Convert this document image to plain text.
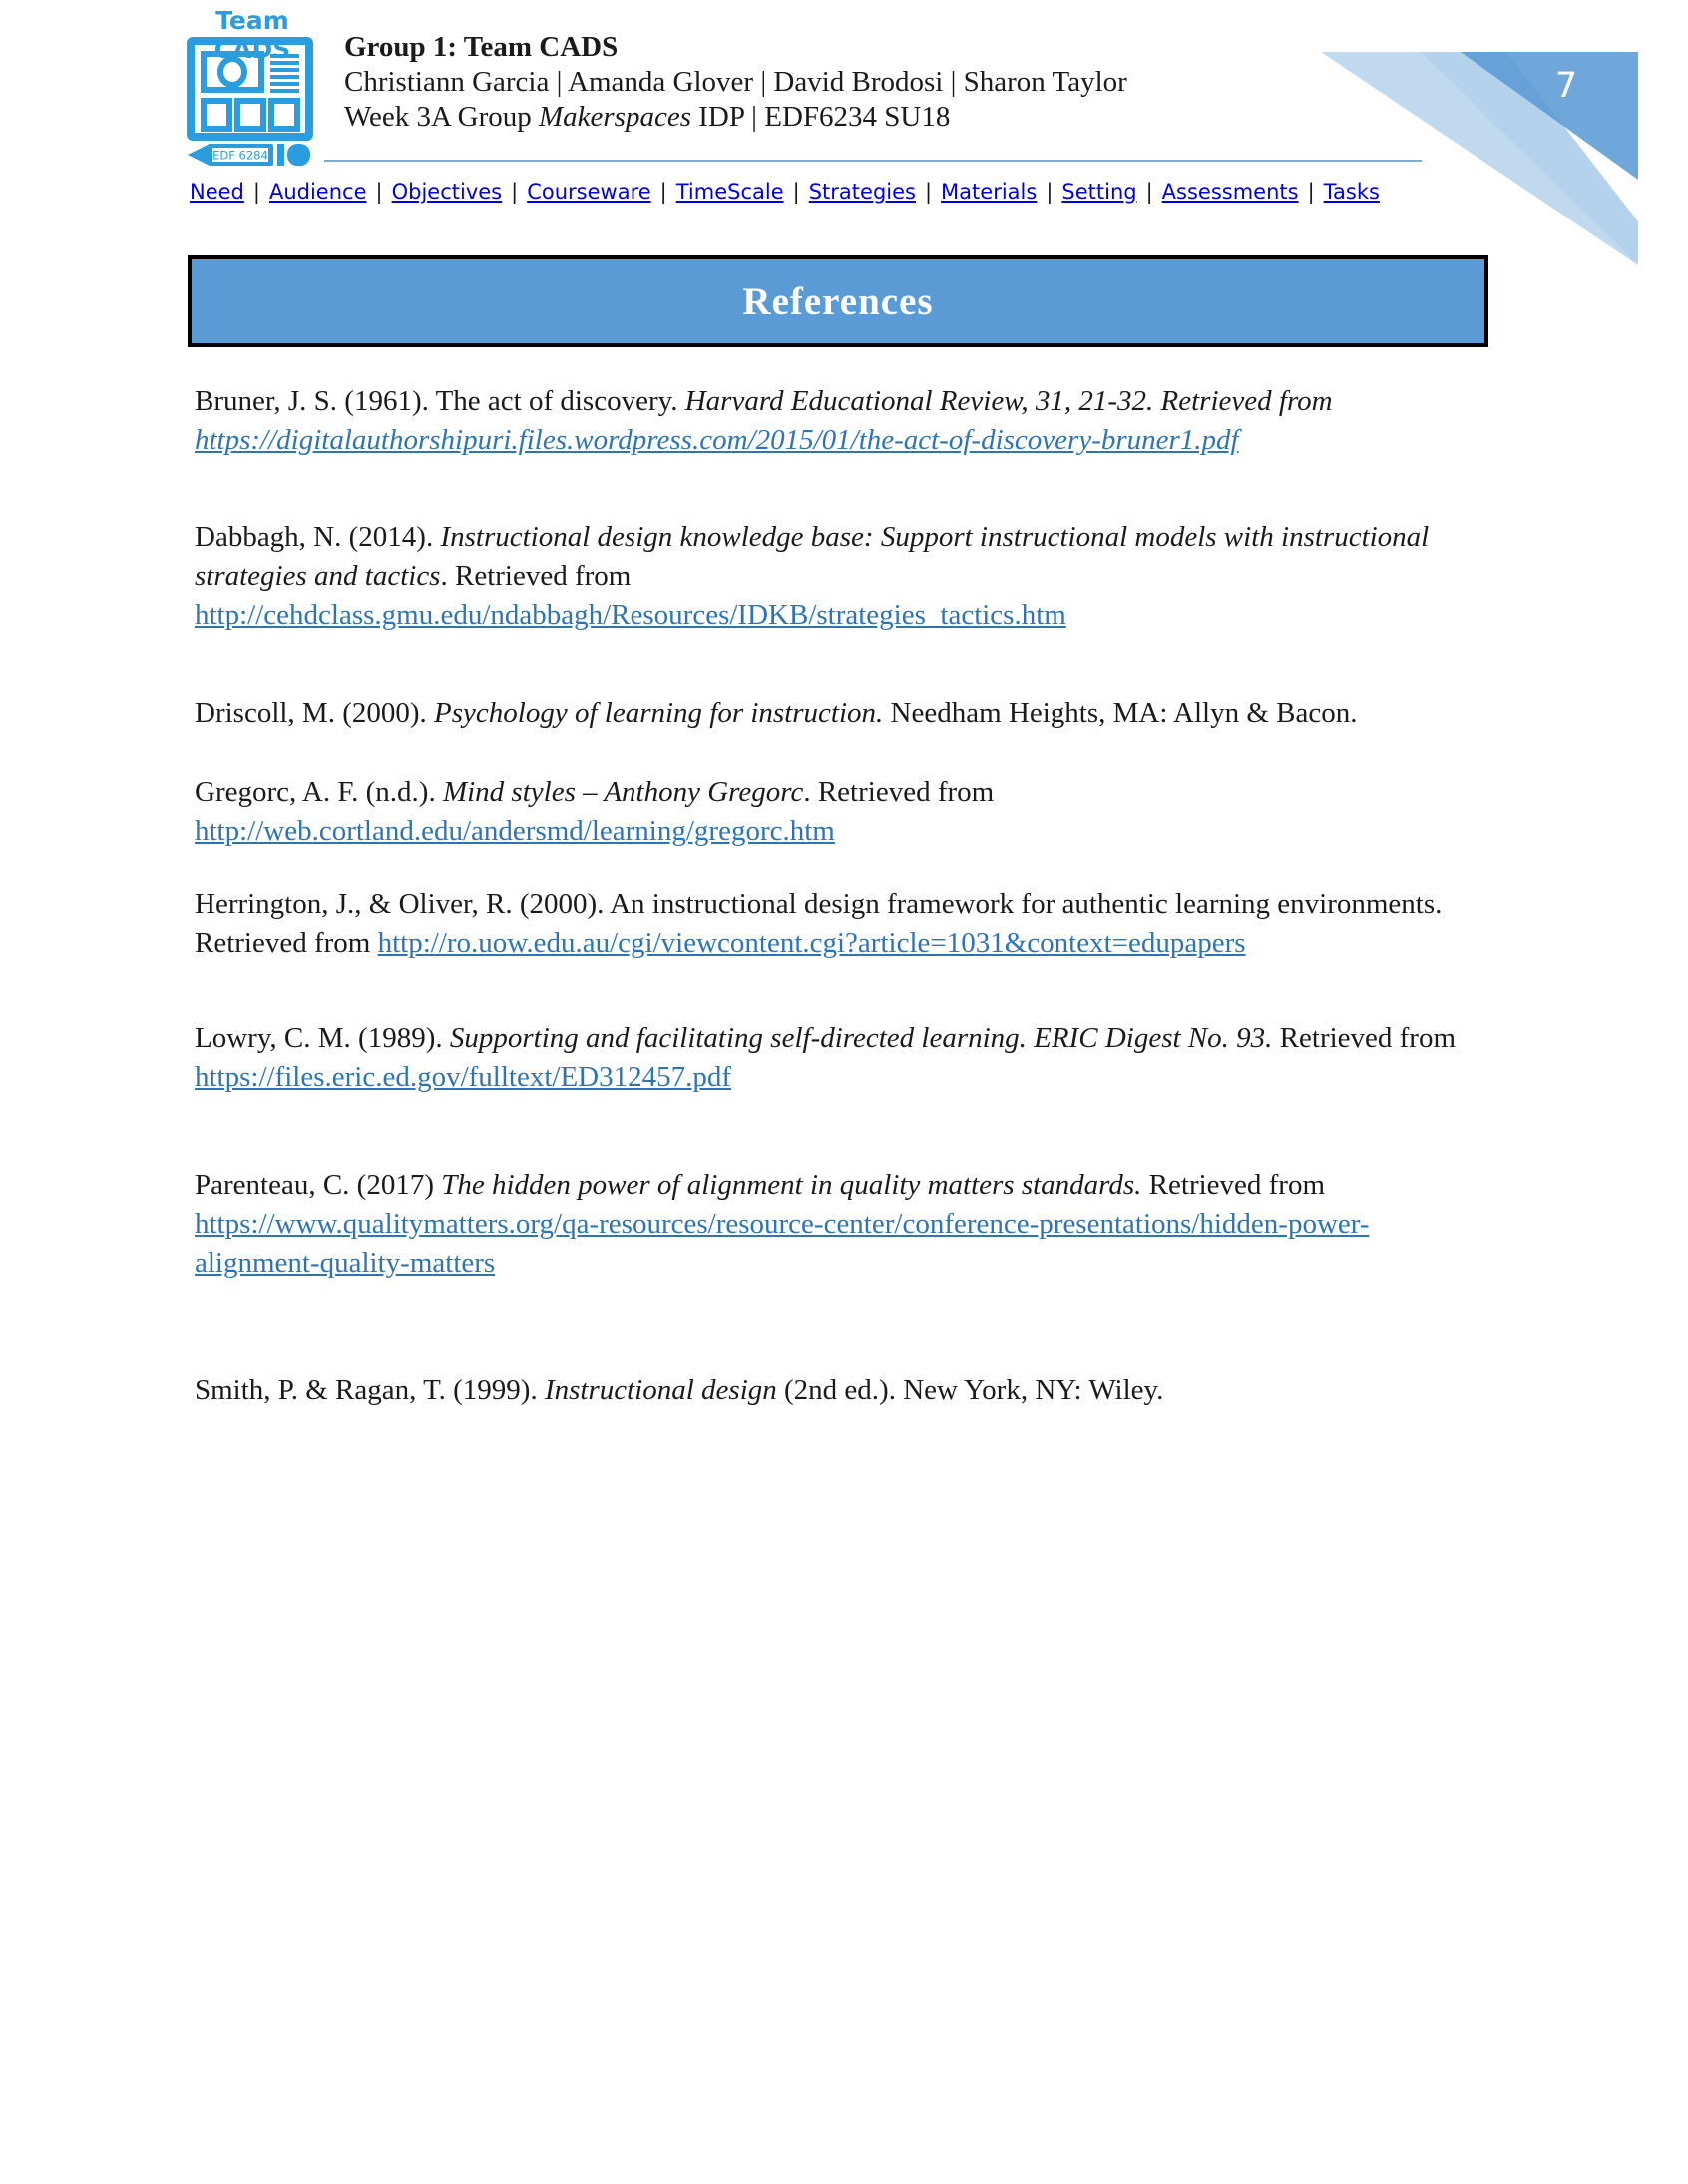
7
Team CADS
EDF 6284
Group 1: Team CADS
Christiann Garcia | Amanda Glover | David Brodosi | Sharon Taylor
Week 3A Group Makerspaces IDP | EDF6234 SU18
Need | Audience | Objectives | Courseware | TimeScale | Strategies | Materials | Setting | Assessments | Tasks
References

Bruner, J. S. (1961). The act of discovery. Harvard Educational Review, 31, 21-32. Retrieved from https://digitalauthorshipuri.files.wordpress.com/2015/01/the-act-of-discovery-bruner1.pdf

Dabbagh, N. (2014). Instructional design knowledge base: Support instructional models with instructional strategies and tactics. Retrieved from http://cehdclass.gmu.edu/ndabbagh/Resources/IDKB/strategies_tactics.htm

Driscoll, M. (2000). Psychology of learning for instruction. Needham Heights, MA: Allyn & Bacon.

Gregorc, A. F. (n.d.). Mind styles – Anthony Gregorc. Retrieved from http://web.cortland.edu/andersmd/learning/gregorc.htm

Herrington, J., & Oliver, R. (2000). An instructional design framework for authentic learning environments. Retrieved from http://ro.uow.edu.au/cgi/viewcontent.cgi?article=1031&context=edupapers

Lowry, C. M. (1989). Supporting and facilitating self-directed learning. ERIC Digest No. 93. Retrieved from https://files.eric.ed.gov/fulltext/ED312457.pdf

Parenteau, C. (2017) The hidden power of alignment in quality matters standards. Retrieved from https://www.qualitymatters.org/qa-resources/resource-center/conference-presentations/hidden-power-alignment-quality-matters

Smith, P. & Ragan, T. (1999). Instructional design (2nd ed.). New York, NY: Wiley.
